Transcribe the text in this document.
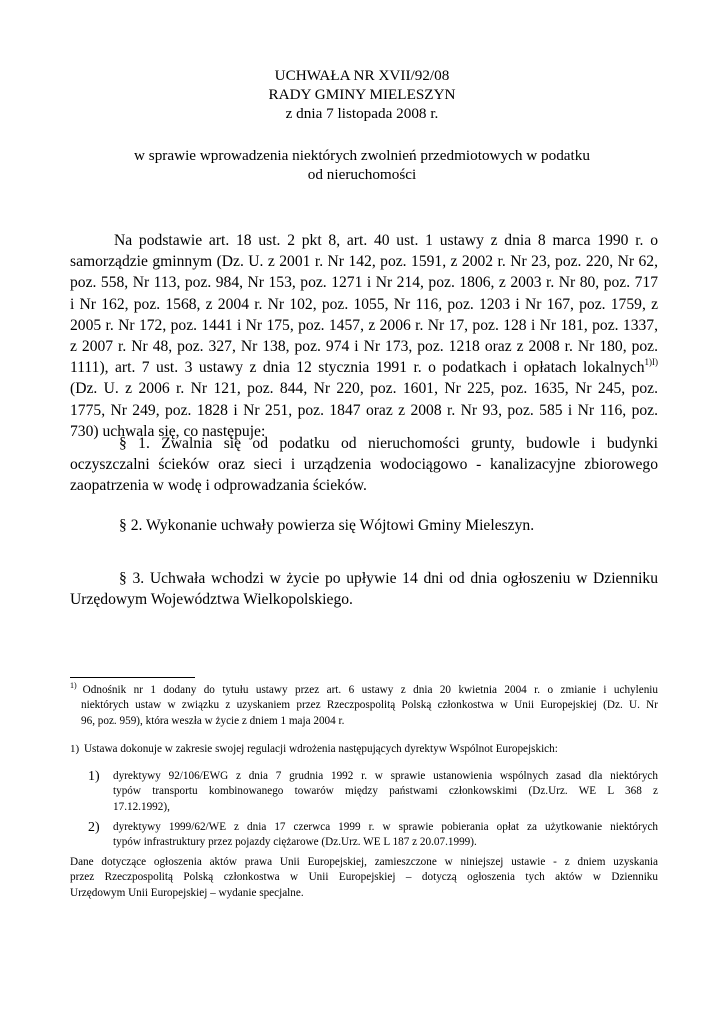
UCHWAŁA NR XVII/92/08
RADY GMINY MIELESZYN
z dnia 7 listopada 2008 r.
w sprawie wprowadzenia niektórych zwolnień przedmiotowych w podatku
od nieruchomości
Na podstawie art. 18 ust. 2 pkt 8, art. 40 ust. 1 ustawy z dnia 8 marca 1990 r. o
samorządzie gminnym (Dz. U. z 2001 r. Nr 142, poz. 1591, z 2002 r. Nr 23, poz. 220, Nr 62,
poz. 558, Nr 113, poz. 984, Nr 153, poz. 1271 i Nr 214, poz. 1806, z 2003 r. Nr 80, poz. 717
i Nr 162, poz. 1568, z 2004 r. Nr 102, poz. 1055, Nr 116, poz. 1203 i Nr 167, poz. 1759, z
2005 r. Nr 172, poz. 1441 i Nr 175, poz. 1457, z 2006 r. Nr 17, poz. 128 i Nr 181, poz. 1337,
z 2007 r. Nr 48, poz. 327, Nr 138, poz. 974 i Nr 173, poz. 1218 oraz z 2008 r. Nr 180, poz.
1111), art. 7 ust. 3 ustawy z dnia 12 stycznia 1991 r. o podatkach i opłatach lokalnych$^{1)I)}$
(Dz. U. z 2006 r. Nr 121, poz. 844, Nr 220, poz. 1601, Nr 225, poz. 1635, Nr 245, poz.
1775, Nr 249, poz. 1828 i Nr 251, poz. 1847 oraz z 2008 r. Nr 93, poz. 585 i Nr 116, poz.
730) uchwala się, co następuje:
§ 1. Zwalnia się od podatku od nieruchomości grunty, budowle i budynki
oczyszczalni ścieków oraz sieci i urządzenia wodociągowo - kanalizacyjne zbiorowego
zaopatrzenia w wodę i odprowadzania ścieków.
§ 2. Wykonanie uchwały powierza się Wójtowi Gminy Mieleszyn.
§ 3. Uchwała wchodzi w życie po upływie 14 dni od dnia ogłoszeniu w Dzienniku
Urzędowym Województwa Wielkopolskiego.
$^{1)}$ Odnośnik nr 1 dodany do tytułu ustawy przez art. 6 ustawy z dnia 20 kwietnia 2004 r. o zmianie i uchyleniu
niektórych ustaw w związku z uzyskaniem przez Rzeczpospolitą Polską członkostwa w Unii Europejskiej (Dz. U. Nr
96, poz. 959), która weszła w życie z dniem 1 maja 2004 r.
1) Ustawa dokonuje w zakresie swojej regulacji wdrożenia następujących dyrektyw Wspólnot Europejskich:
1)	dyrektywy 92/106/EWG z dnia 7 grudnia 1992 r. w sprawie ustanowienia wspólnych zasad dla niektórych
typów transportu kombinowanego towarów między państwami członkowskimi (Dz.Urz. WE L 368 z
17.12.1992),
2)	dyrektywy 1999/62/WE z dnia 17 czerwca 1999 r. w sprawie pobierania opłat za użytkowanie niektórych
typów infrastruktury przez pojazdy ciężarowe (Dz.Urz. WE L 187 z 20.07.1999).
Dane dotyczące ogłoszenia aktów prawa Unii Europejskiej, zamieszczone w niniejszej ustawie - z dniem uzyskania
przez Rzeczpospolitą Polską członkostwa w Unii Europejskiej – dotyczą ogłoszenia tych aktów w Dzienniku
Urzędowym Unii Europejskiej – wydanie specjalne.
